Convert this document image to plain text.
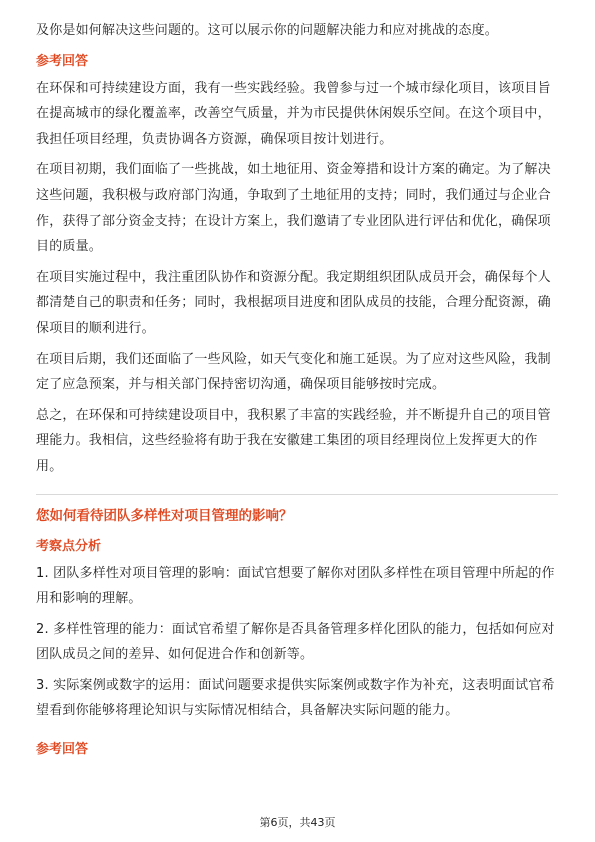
及你是如何解决这些问题的。这可以展示你的问题解决能力和应对挑战的态度。

参考回答

在环保和可持续建设方面，我有一些实践经验。我曾参与过一个城市绿化项目，该项目旨在提高城市的绿化覆盖率，改善空气质量，并为市民提供休闲娱乐空间。在这个项目中，我担任项目经理，负责协调各方资源，确保项目按计划进行。

在项目初期，我们面临了一些挑战，如土地征用、资金筹措和设计方案的确定。为了解决这些问题，我积极与政府部门沟通，争取到了土地征用的支持；同时，我们通过与企业合作，获得了部分资金支持；在设计方案上，我们邀请了专业团队进行评估和优化，确保项目的质量。

在项目实施过程中，我注重团队协作和资源分配。我定期组织团队成员开会，确保每个人都清楚自己的职责和任务；同时，我根据项目进度和团队成员的技能，合理分配资源，确保项目的顺利进行。

在项目后期，我们还面临了一些风险，如天气变化和施工延误。为了应对这些风险，我制定了应急预案，并与相关部门保持密切沟通，确保项目能够按时完成。

总之，在环保和可持续建设项目中，我积累了丰富的实践经验，并不断提升自己的项目管理能力。我相信，这些经验将有助于我在安徽建工集团的项目经理岗位上发挥更大的作用。

您如何看待团队多样性对项目管理的影响？
考察点分析

1. 团队多样性对项目管理的影响：面试官想要了解你对团队多样性在项目管理中所起的作用和影响的理解。

2. 多样性管理的能力：面试官希望了解你是否具备管理多样化团队的能力，包括如何应对团队成员之间的差异、如何促进合作和创新等。

3. 实际案例或数字的运用：面试问题要求提供实际案例或数字作为补充，这表明面试官希望看到你能够将理论知识与实际情况相结合，具备解决实际问题的能力。

参考回答
第6页，共43页
